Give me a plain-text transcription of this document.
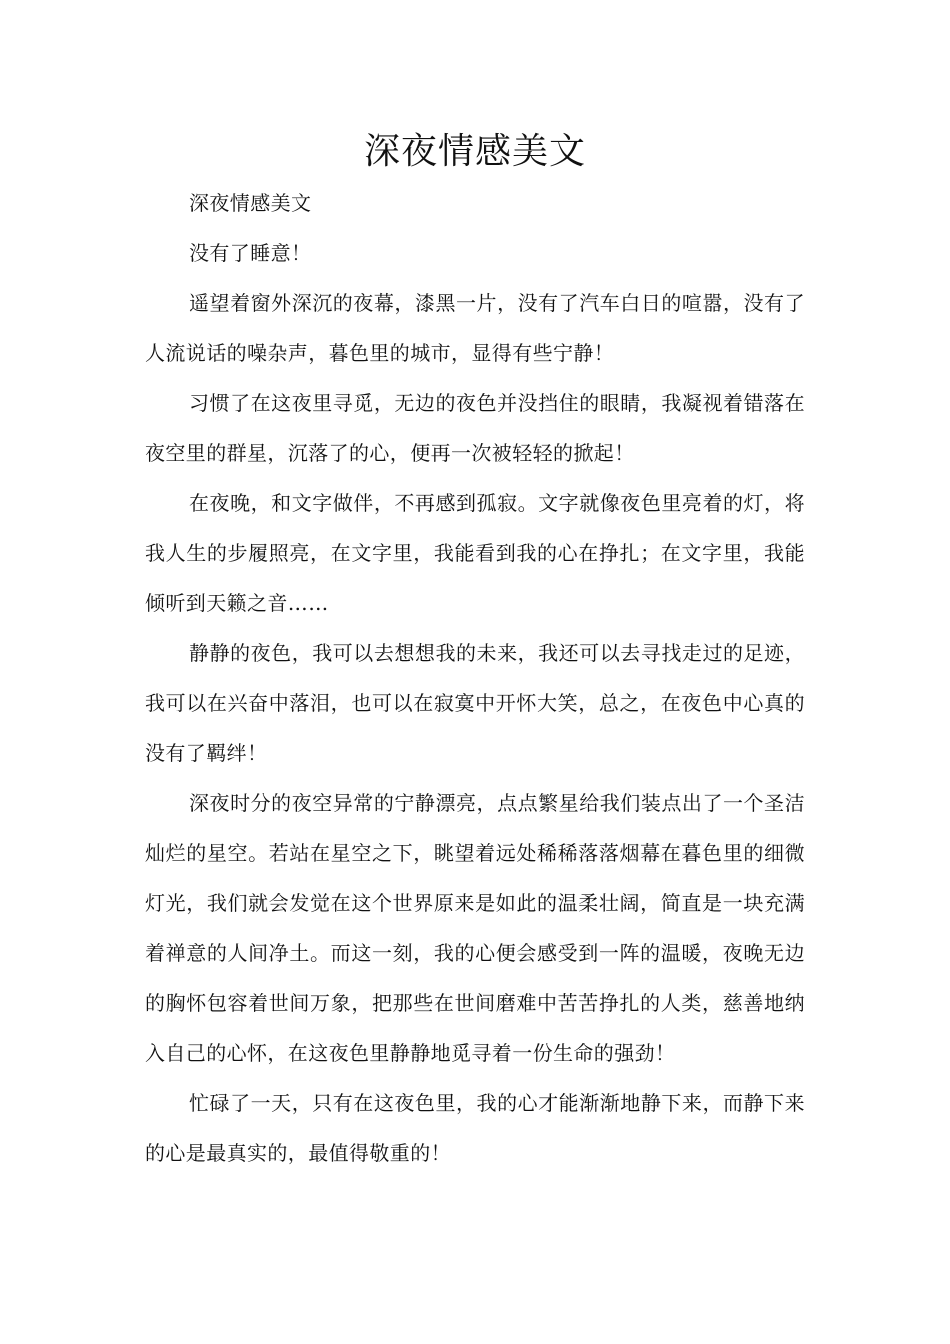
深夜情感美文

深夜情感美文

没有了睡意！

遥望着窗外深沉的夜幕，漆黑一片，没有了汽车白日的喧嚣，没有了人流说话的噪杂声，暮色里的城市，显得有些宁静！

习惯了在这夜里寻觅，无边的夜色并没挡住的眼睛，我凝视着错落在夜空里的群星，沉落了的心，便再一次被轻轻的掀起！

在夜晚，和文字做伴，不再感到孤寂。文字就像夜色里亮着的灯，将我人生的步履照亮，在文字里，我能看到我的心在挣扎；在文字里，我能倾听到天籁之音……

静静的夜色，我可以去想想我的未来，我还可以去寻找走过的足迹，我可以在兴奋中落泪，也可以在寂寞中开怀大笑，总之，在夜色中心真的没有了羁绊！

深夜时分的夜空异常的宁静漂亮，点点繁星给我们装点出了一个圣洁灿烂的星空。若站在星空之下，眺望着远处稀稀落落烟幕在暮色里的细微灯光，我们就会发觉在这个世界原来是如此的温柔壮阔，简直是一块充满着禅意的人间净土。而这一刻，我的心便会感受到一阵的温暖，夜晚无边的胸怀包容着世间万象，把那些在世间磨难中苦苦挣扎的人类，慈善地纳入自己的心怀，在这夜色里静静地觅寻着一份生命的强劲！

忙碌了一天，只有在这夜色里，我的心才能渐渐地静下来，而静下来的心是最真实的，最值得敬重的！
